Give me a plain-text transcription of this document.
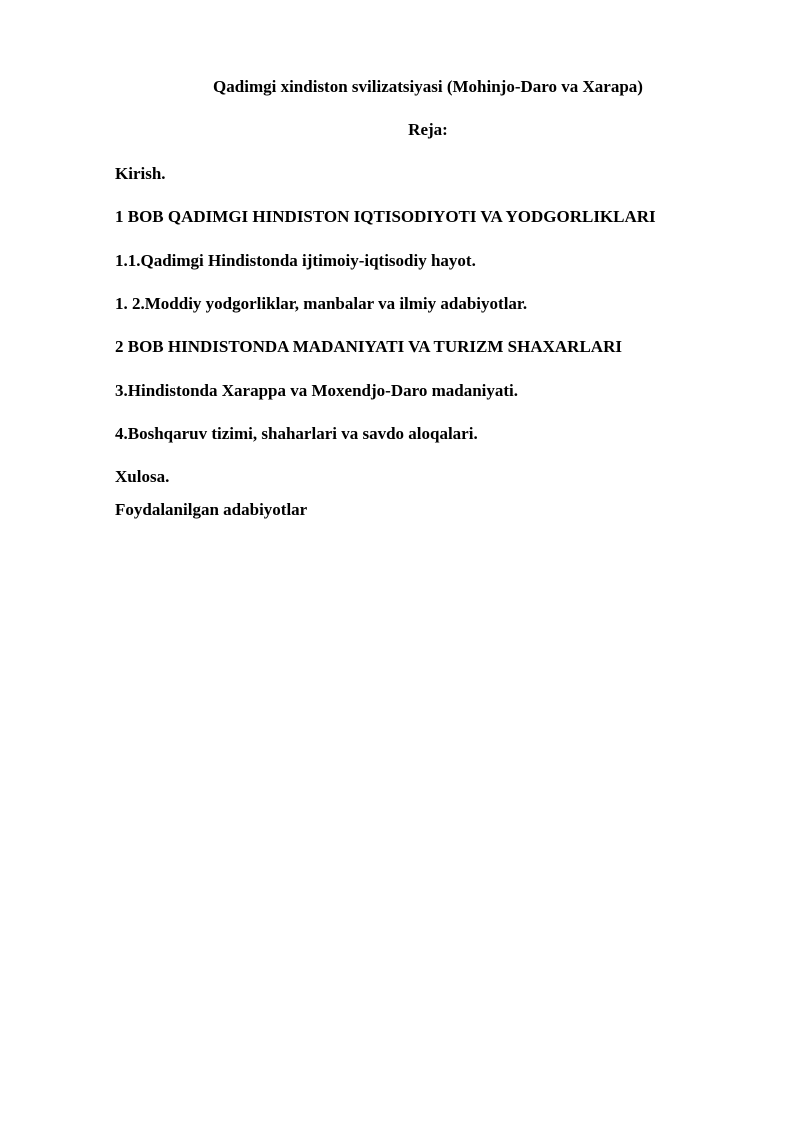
Qadimgi xindiston svilizatsiyasi (Mohinjo-Daro va Xarapa)
Reja:
Kirish.
1 BOB QADIMGI HINDISTON IQTISODIYOTI VA YODGORLIKLARI
1.1.Qadimgi Hindistonda ijtimoiy-iqtisodiy hayot.
1. 2.Moddiy yodgorliklar, manbalar va ilmiy adabiyotlar.
2 BOB HINDISTONDA MADANIYATI VA TURIZM SHAXARLARI
3.Hindistonda Xarappa va Moxendjo-Daro madaniyati.
4.Boshqaruv tizimi, shaharlari va savdo aloqalari.
Xulosa.
Foydalanilgan adabiyotlar
